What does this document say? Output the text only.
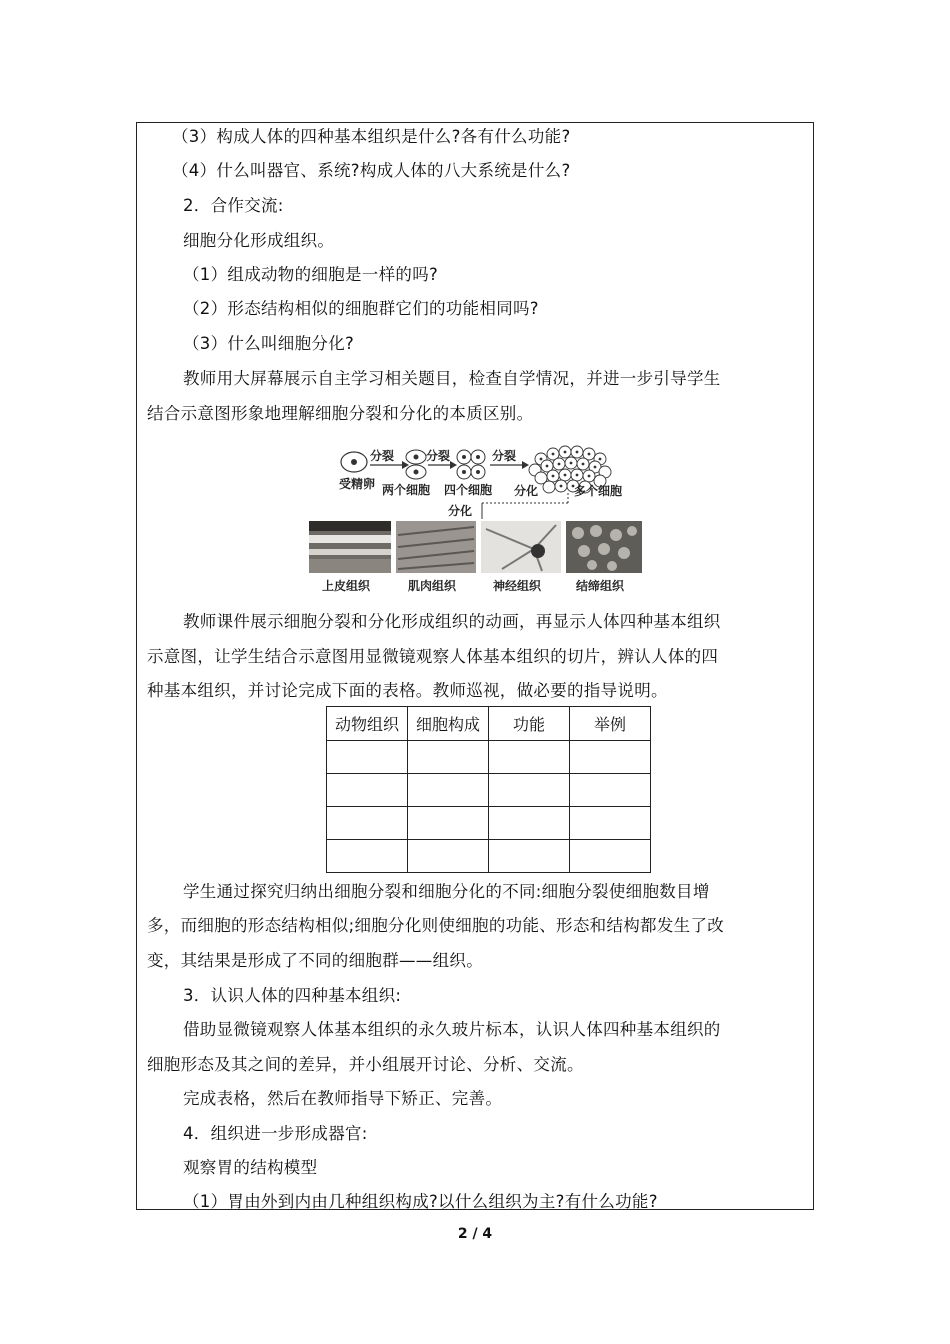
（3）构成人体的四种基本组织是什么?各有什么功能?
（4）什么叫器官、系统?构成人体的八大系统是什么?
2．合作交流:
细胞分化形成组织。
（1）组成动物的细胞是一样的吗?
（2）形态结构相似的细胞群它们的功能相同吗?
（3）什么叫细胞分化?
教师用大屏幕展示自主学习相关题目，检查自学情况，并进一步引导学生
结合示意图形象地理解细胞分裂和分化的本质区别。
受精卵
分裂
两个细胞
分裂
四个细胞
分裂
分化	多个细胞
分化
上皮组织	肌肉组织	神经组织	结缔组织
教师课件展示细胞分裂和分化形成组织的动画，再显示人体四种基本组织
示意图，让学生结合示意图用显微镜观察人体基本组织的切片，辨认人体的四
种基本组织，并讨论完成下面的表格。教师巡视，做必要的指导说明。
动物组织	细胞构成	功能	举例

学生通过探究归纳出细胞分裂和细胞分化的不同:细胞分裂使细胞数目增
多，而细胞的形态结构相似;细胞分化则使细胞的功能、形态和结构都发生了改
变，其结果是形成了不同的细胞群——组织。
3．认识人体的四种基本组织:
借助显微镜观察人体基本组织的永久玻片标本，认识人体四种基本组织的
细胞形态及其之间的差异，并小组展开讨论、分析、交流。
完成表格，然后在教师指导下矫正、完善。
4．组织进一步形成器官:
观察胃的结构模型
（1）胃由外到内由几种组织构成?以什么组织为主?有什么功能?
2 / 4
